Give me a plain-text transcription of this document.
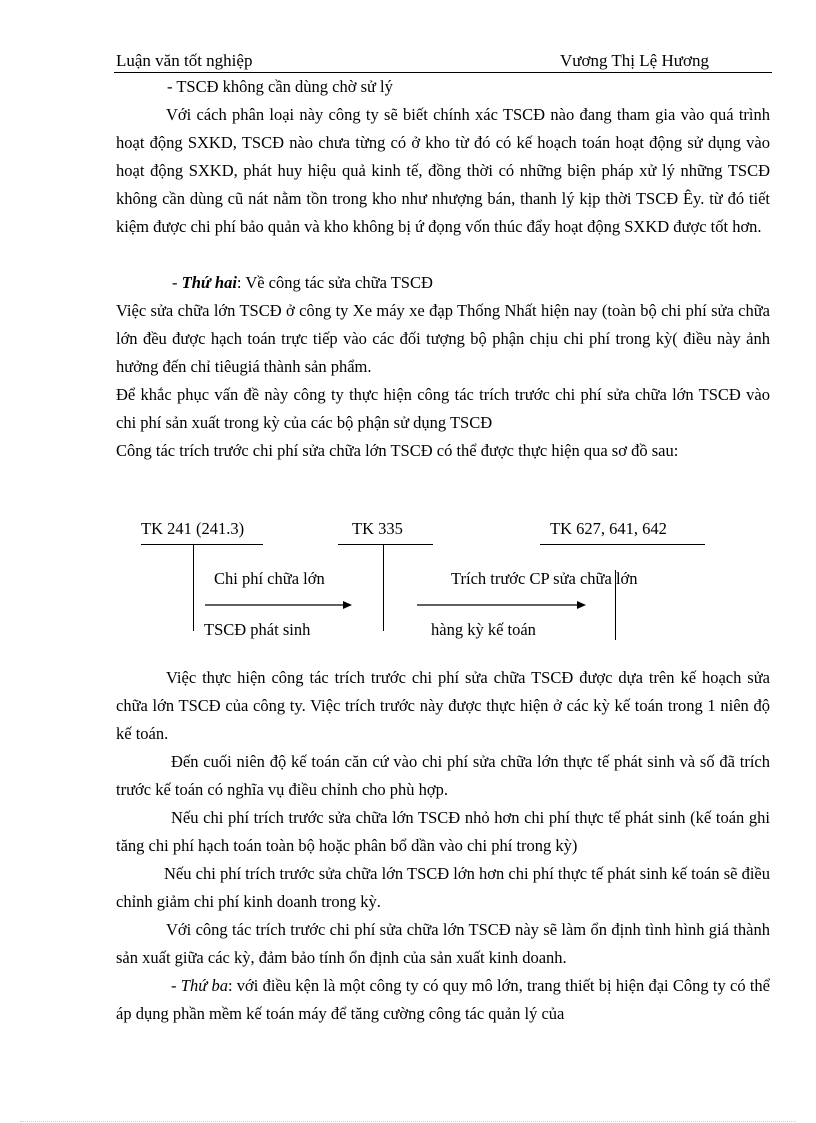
Luận văn tốt nghiệp	Vương Thị Lệ Hương
- TSCĐ không cần dùng chờ sử lý
Với cách phân loại này công ty sẽ biết chính xác TSCĐ nào đang tham gia vào quá trình hoạt động SXKD, TSCĐ nào chưa từng có ở kho từ đó có kế hoạch toán hoạt động sử dụng vào hoạt động SXKD, phát huy hiệu quả kinh tế, đồng thời có những biện pháp xử lý những TSCĐ không cần dùng cũ nát nằm tồn trong kho như nhượng bán, thanh lý kịp thời TSCĐ Êy. từ đó tiết kiệm được chi phí bảo quản và kho không bị ứ đọng vốn thúc đẩy hoạt động SXKD được tốt hơn.
- Thứ hai: Về công tác sửa chữa TSCĐ
Việc sửa chữa lớn TSCĐ ở công ty Xe máy xe đạp Thống Nhất hiện nay (toàn bộ chi phí sửa chữa lớn đều được hạch toán trực tiếp vào các đối tượng bộ phận chịu chi phí trong kỳ( điều này ảnh hưởng đến chỉ tiêugiá thành sản phẩm.
Để khắc phục vấn đề này công ty thực hiện công tác trích trước chi phí sửa chữa lớn TSCĐ vào chi phí sản xuất trong kỳ của các bộ phận sử dụng TSCĐ
Công tác trích trước chi phí sửa chữa lớn TSCĐ có thể được thực hiện qua sơ đồ sau:
TK 241 (241.3)	TK 335	TK 627, 641, 642
Chi phí chữa lớn
TSCĐ phát sinh
Trích trước CP sửa chữa lớn
hàng kỳ kế toán
Việc thực hiện công tác trích trước chi phí sửa chữa TSCĐ được dựa trên kế hoạch sửa chữa lớn TSCĐ của công ty. Việc trích trước này được thực hiện ở các kỳ kế toán trong 1 niên độ kế toán.
Đến cuối niên độ kế toán căn cứ vào chi phí sửa chữa lớn thực tế phát sinh và số đã trích trước kế toán có nghĩa vụ điều chỉnh cho phù hợp.
Nếu chi phí trích trước sửa chữa lớn TSCĐ nhỏ hơn chi phí thực tế phát sinh (kế toán ghi tăng chi phí hạch toán toàn bộ hoặc phân bổ dần vào chi phí trong kỳ)
Nếu chi phí trích trước sửa chữa lớn TSCĐ lớn hơn chi phí thực tế phát sinh kế toán sẽ điều chỉnh giảm chi phí kinh doanh trong kỳ.
Với công tác trích trước chi phí sửa chữa lớn TSCĐ này sẽ làm ổn định tình hình giá thành sản xuất giữa các kỳ, đảm bảo tính ổn định của sản xuất kinh doanh.
- Thứ ba: với điều kện là một công ty có quy mô lớn, trang thiết bị hiện đại Công ty có thể áp dụng phần mềm kế toán máy để tăng cường công tác quản lý của
